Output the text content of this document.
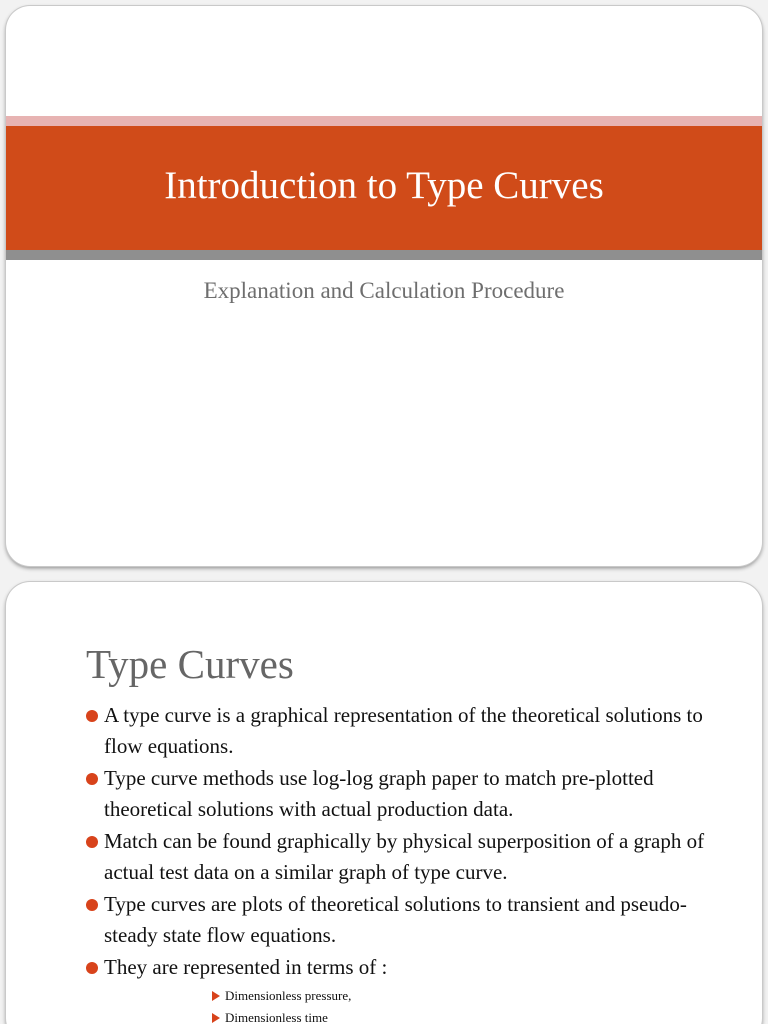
Introduction to Type Curves

Explanation and Calculation Procedure

Type Curves
A type curve is a graphical representation of the theoretical solutions to flow equations.
Type curve methods use log-log graph paper to match pre-plotted theoretical solutions with actual production data.
Match can be found graphically by physical superposition of a graph of actual test data on a similar graph of type curve.
Type curves are plots of theoretical solutions to transient and pseudo-steady state flow equations.
They are represented in terms of :
Dimensionless pressure,
Dimensionless time
